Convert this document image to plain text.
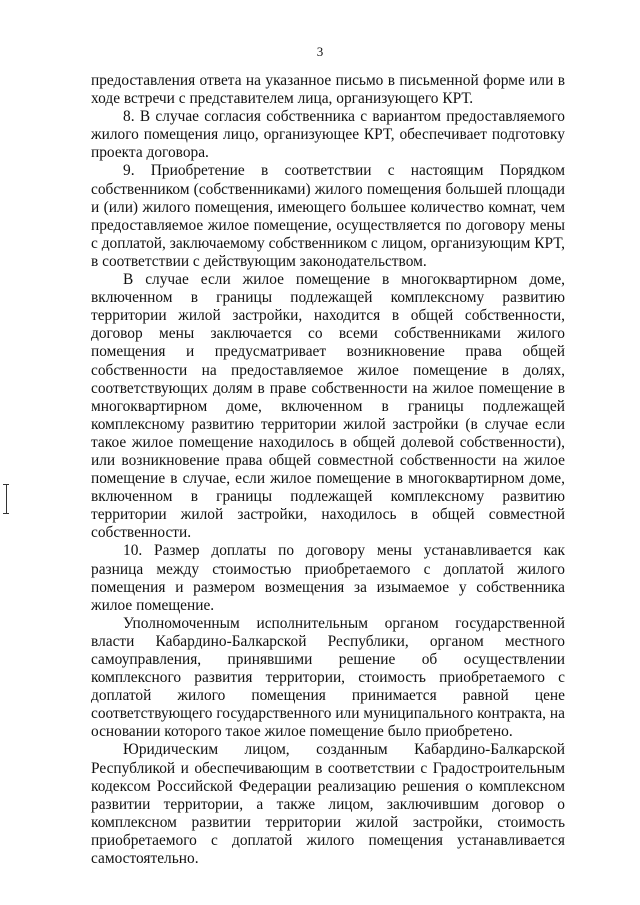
3

предоставления ответа на указанное письмо в письменной форме или в ходе встречи с представителем лица, организующего КРТ.

8. В случае согласия собственника с вариантом предоставляемого жилого помещения лицо, организующее КРТ, обеспечивает подготовку проекта договора.

9. Приобретение в соответствии с настоящим Порядком собственником (собственниками) жилого помещения большей площади и (или) жилого помещения, имеющего большее количество комнат, чем предоставляемое жилое помещение, осуществляется по договору мены с доплатой, заключаемому собственником с лицом, организующим КРТ, в соответствии с действующим законодательством.

В случае если жилое помещение в многоквартирном доме, включенном в границы подлежащей комплексному развитию территории жилой застройки, находится в общей собственности, договор мены заключается со всеми собственниками жилого помещения и предусматривает возникновение права общей собственности на предоставляемое жилое помещение в долях, соответствующих долям в праве собственности на жилое помещение в многоквартирном доме, включенном в границы подлежащей комплексному развитию территории жилой застройки (в случае если такое жилое помещение находилось в общей долевой собственности), или возникновение права общей совместной собственности на жилое помещение в случае, если жилое помещение в многоквартирном доме, включенном в границы подлежащей комплексному развитию территории жилой застройки, находилось в общей совместной собственности.

10. Размер доплаты по договору мены устанавливается как разница между стоимостью приобретаемого с доплатой жилого помещения и размером возмещения за изымаемое у собственника жилое помещение.

Уполномоченным исполнительным органом государственной власти Кабардино-Балкарской Республики, органом местного самоуправления, принявшими решение об осуществлении комплексного развития территории, стоимость приобретаемого с доплатой жилого помещения принимается равной цене соответствующего государственного или муниципального контракта, на основании которого такое жилое помещение было приобретено.

Юридическим лицом, созданным Кабардино-Балкарской Республикой и обеспечивающим в соответствии с Градостроительным кодексом Российской Федерации реализацию решения о комплексном развитии территории, а также лицом, заключившим договор о комплексном развитии территории жилой застройки, стоимость приобретаемого с доплатой жилого помещения устанавливается самостоятельно.
